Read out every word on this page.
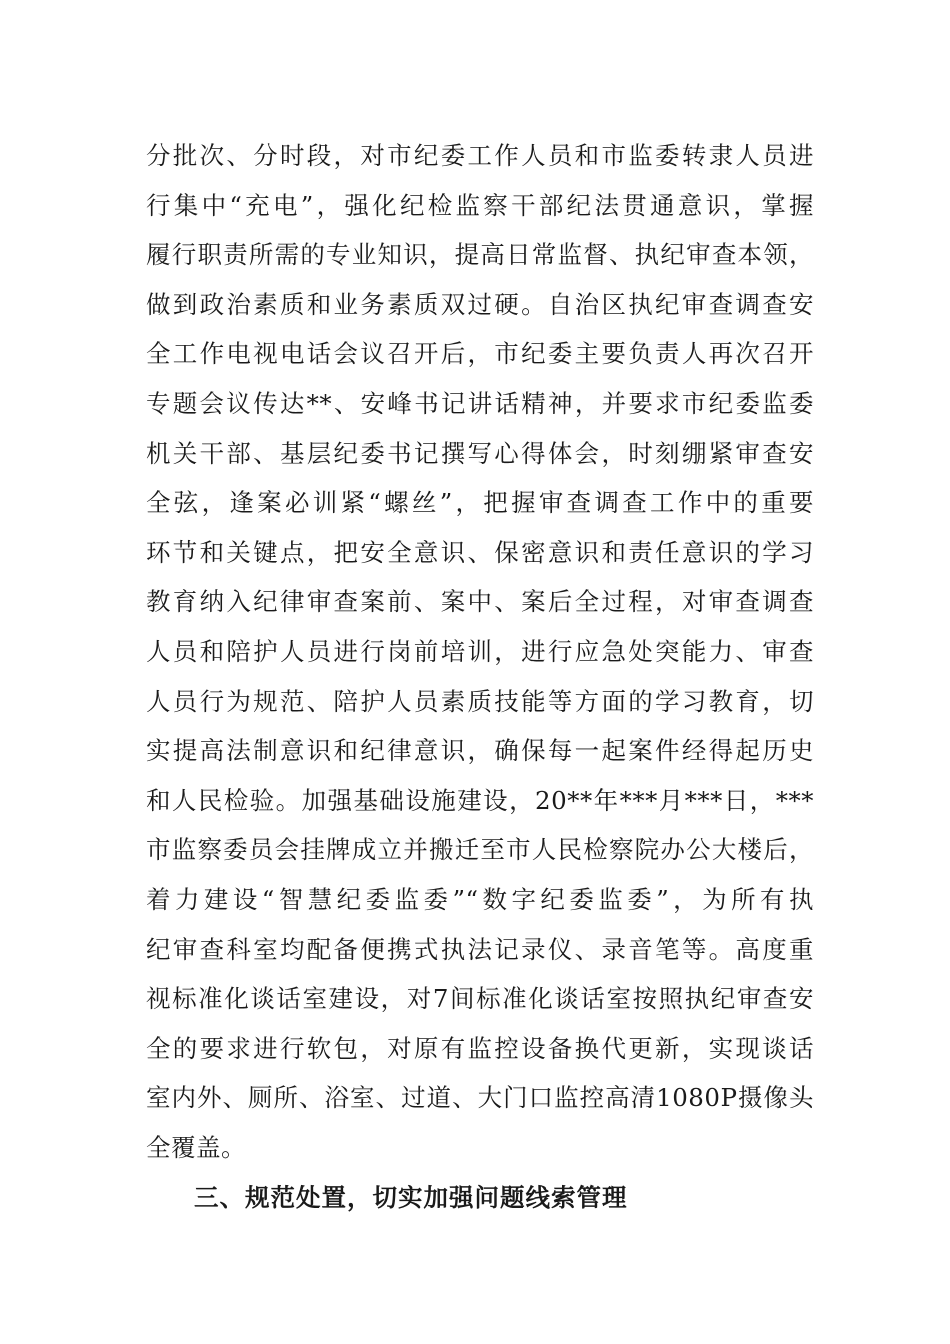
分批次、分时段，对市纪委工作人员和市监委转隶人员进
行集中“充电”，强化纪检监察干部纪法贯通意识，掌握
履行职责所需的专业知识，提高日常监督、执纪审查本领，
做到政治素质和业务素质双过硬。自治区执纪审查调查安
全工作电视电话会议召开后，市纪委主要负责人再次召开
专题会议传达**、安峰书记讲话精神，并要求市纪委监委
机关干部、基层纪委书记撰写心得体会，时刻绷紧审查安
全弦，逢案必训紧“螺丝”，把握审查调查工作中的重要
环节和关键点，把安全意识、保密意识和责任意识的学习
教育纳入纪律审查案前、案中、案后全过程，对审查调查
人员和陪护人员进行岗前培训，进行应急处突能力、审查
人员行为规范、陪护人员素质技能等方面的学习教育，切
实提高法制意识和纪律意识，确保每一起案件经得起历史
和人民检验。加强基础设施建设，20**年***月***日，***
市监察委员会挂牌成立并搬迁至市人民检察院办公大楼后，
着力建设“智慧纪委监委”“数字纪委监委”，为所有执
纪审查科室均配备便携式执法记录仪、录音笔等。高度重
视标准化谈话室建设，对7间标准化谈话室按照执纪审查安
全的要求进行软包，对原有监控设备换代更新，实现谈话
室内外、厕所、浴室、过道、大门口监控高清1080P摄像头
全覆盖。
三、规范处置，切实加强问题线索管理
